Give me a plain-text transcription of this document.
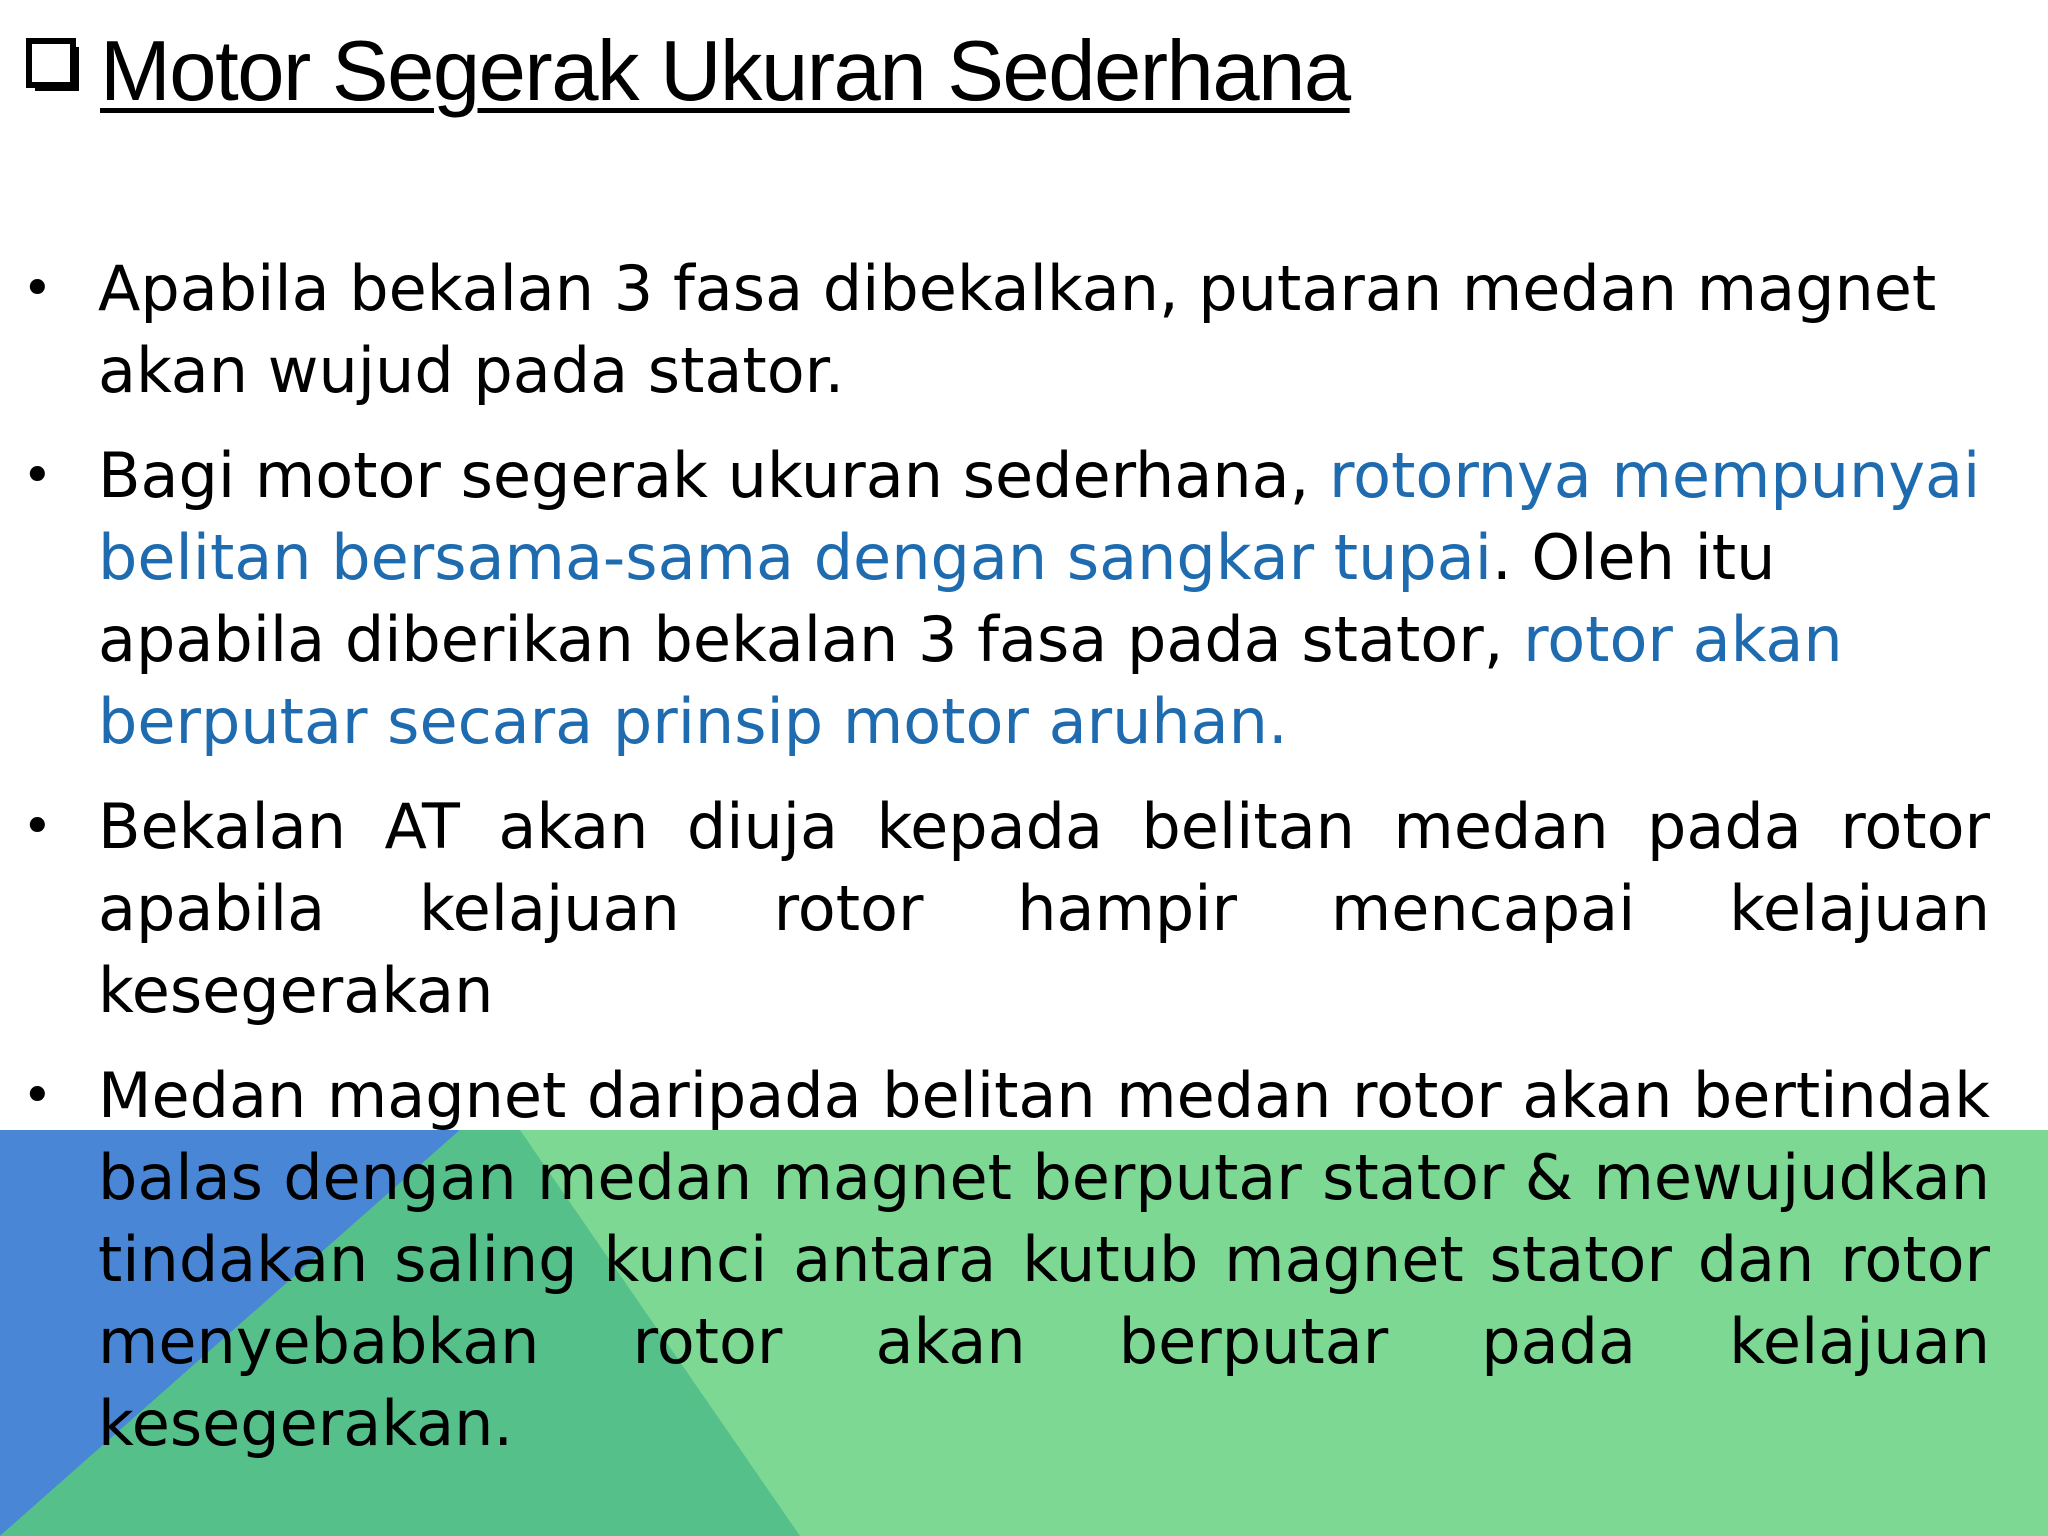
Motor Segerak Ukuran Sederhana
• Apabila bekalan 3 fasa dibekalkan, putaran medan magnet akan wujud pada stator.
• Bagi motor segerak ukuran sederhana, rotornya mempunyai belitan bersama-sama dengan sangkar tupai. Oleh itu apabila diberikan bekalan 3 fasa pada stator, rotor akan berputar secara prinsip motor aruhan.
• Bekalan AT akan diuja kepada belitan medan pada rotor apabila kelajuan rotor hampir mencapai kelajuan kesegerakan
• Medan magnet daripada belitan medan rotor akan bertindak balas dengan medan magnet berputar stator & mewujudkan tindakan saling kunci antara kutub magnet stator dan rotor menyebabkan rotor akan berputar pada kelajuan kesegerakan.
